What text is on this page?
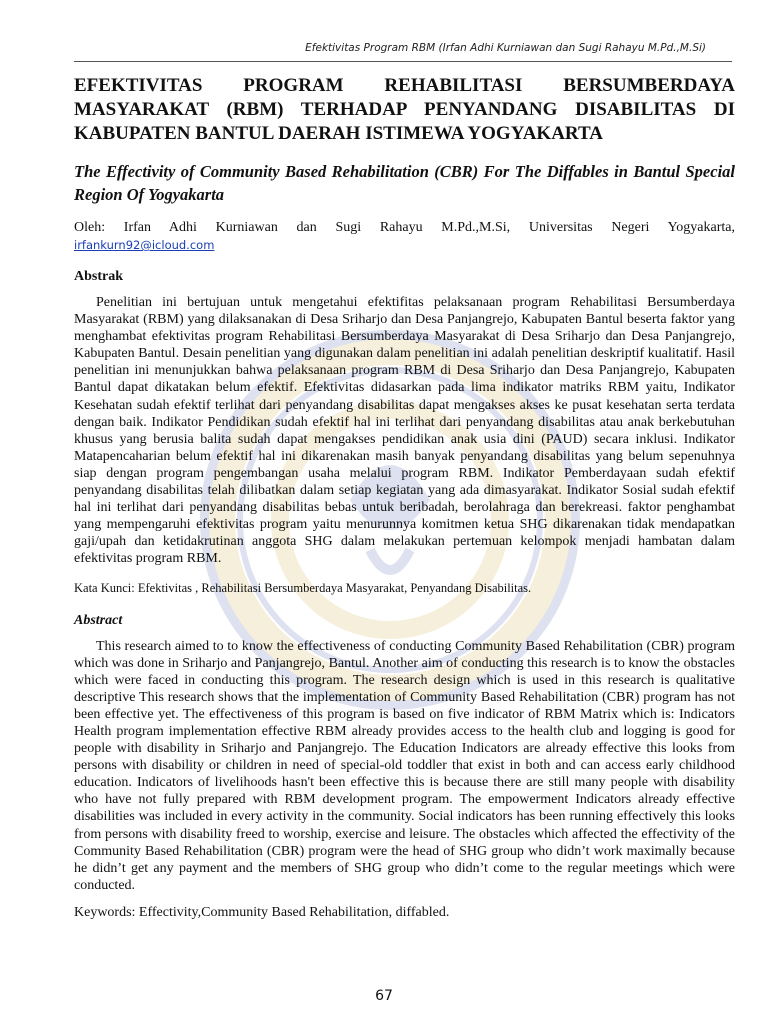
Efektivitas Program RBM (Irfan Adhi Kurniawan dan Sugi Rahayu M.Pd.,M.Si)

EFEKTIVITAS PROGRAM REHABILITASI BERSUMBERDAYA MASYARAKAT (RBM) TERHADAP PENYANDANG DISABILITAS DI KABUPATEN BANTUL DAERAH ISTIMEWA YOGYAKARTA

The Effectivity of Community Based Rehabilitation (CBR) For The Diffables in Bantul Special Region Of Yogyakarta

Oleh: Irfan Adhi Kurniawan dan Sugi Rahayu M.Pd.,M.Si, Universitas Negeri Yogyakarta,

irfankurn92@icloud.com

Abstrak

Penelitian ini bertujuan untuk mengetahui efektifitas pelaksanaan program Rehabilitasi Bersumberdaya Masyarakat (RBM) yang dilaksanakan di Desa Sriharjo dan Desa Panjangrejo, Kabupaten Bantul beserta faktor yang menghambat efektivitas program Rehabilitasi Bersumberdaya Masyarakat di Desa Sriharjo dan Desa Panjangrejo, Kabupaten Bantul. Desain penelitian yang digunakan dalam penelitian ini adalah penelitian deskriptif kualitatif. Hasil penelitian ini menunjukkan bahwa pelaksanaan program RBM di Desa Sriharjo dan Desa Panjangrejo, Kabupaten Bantul dapat dikatakan belum efektif. Efektivitas didasarkan pada lima indikator matriks RBM yaitu, Indikator Kesehatan sudah efektif terlihat dari penyandang disabilitas dapat mengakses akses ke pusat kesehatan serta terdata dengan baik. Indikator Pendidikan sudah efektif hal ini terlihat dari penyandang disabilitas atau anak berkebutuhan khusus yang berusia balita sudah dapat mengakses pendidikan anak usia dini (PAUD) secara inklusi. Indikator Matapencaharian belum efektif hal ini dikarenakan masih banyak penyandang disabilitas yang belum sepenuhnya siap dengan program pengembangan usaha melalui program RBM. Indikator Pemberdayaan sudah efektif penyandang disabilitas telah dilibatkan dalam setiap kegiatan yang ada dimasyarakat. Indikator Sosial sudah efektif hal ini terlihat dari penyandang disabilitas bebas untuk beribadah, berolahraga dan berekreasi. faktor penghambat yang mempengaruhi efektivitas program yaitu menurunnya komitmen ketua SHG dikarenakan tidak mendapatkan gaji/upah dan ketidakrutinan anggota SHG dalam melakukan pertemuan kelompok menjadi hambatan dalam efektivitas program RBM.

Kata Kunci: Efektivitas , Rehabilitasi Bersumberdaya Masyarakat, Penyandang Disabilitas.

Abstract

This research aimed to to know the effectiveness of conducting Community Based Rehabilitation (CBR) program which was done in Sriharjo and Panjangrejo, Bantul. Another aim of conducting this research is to know the obstacles which were faced in conducting this program. The research design which is used in this research is qualitative descriptive This research shows that the implementation of Community Based Rehabilitation (CBR) program has not been effective yet. The effectiveness of this program is based on five indicator of RBM Matrix which is: Indicators Health program implementation effective RBM already provides access to the health club and logging is good for people with disability in Sriharjo and Panjangrejo. The Education Indicators are already effective this looks from persons with disability or children in need of special-old toddler that exist in both and can access early childhood education. Indicators of livelihoods hasn't been effective this is because there are still many people with disability who have not fully prepared with RBM development program. The empowerment Indicators already effective disabilities was included in every activity in the community. Social indicators has been running effectively this looks from persons with disability freed to worship, exercise and leisure. The obstacles which affected the effectivity of the Community Based Rehabilitation (CBR) program were the head of SHG group who didn’t work maximally because he didn’t get any payment and the members of SHG group who didn’t come to the regular meetings which were conducted.

Keywords: Effectivity,Community Based Rehabilitation, diffabled.

67
